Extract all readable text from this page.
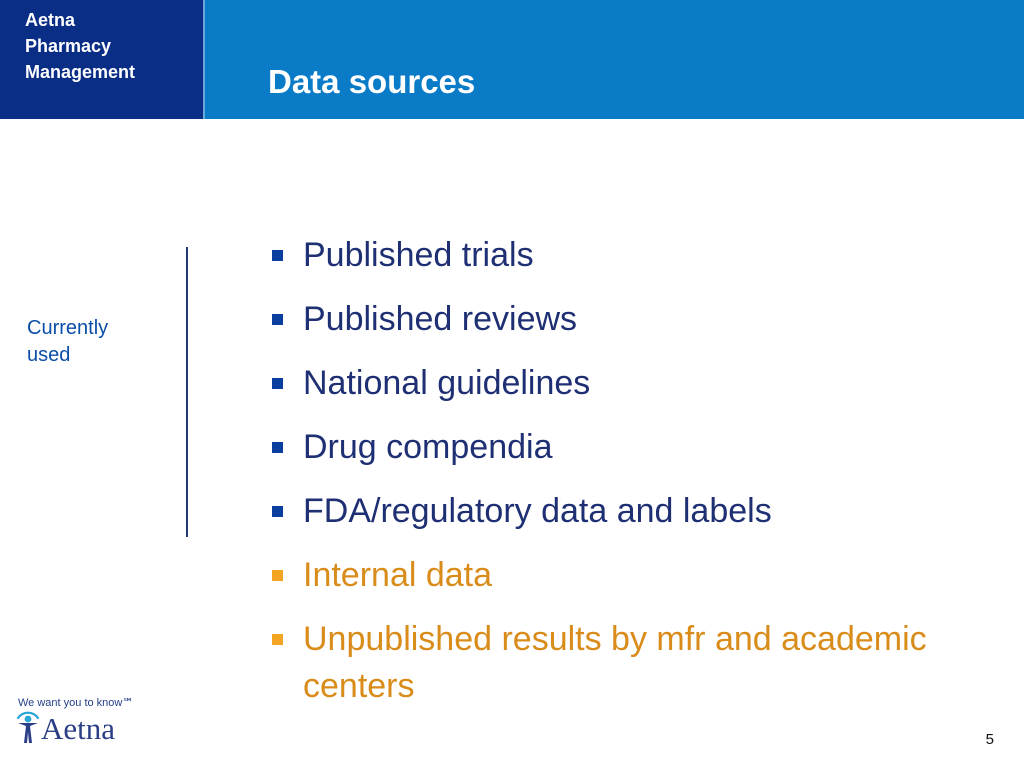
Aetna
Pharmacy
Management	Data sources
Currently
used
Published trials
Published reviews
National guidelines
Drug compendia
FDA/regulatory data and labels
Internal data
Unpublished results by mfr and academic centers
We want you to know℠
Aetna	5
